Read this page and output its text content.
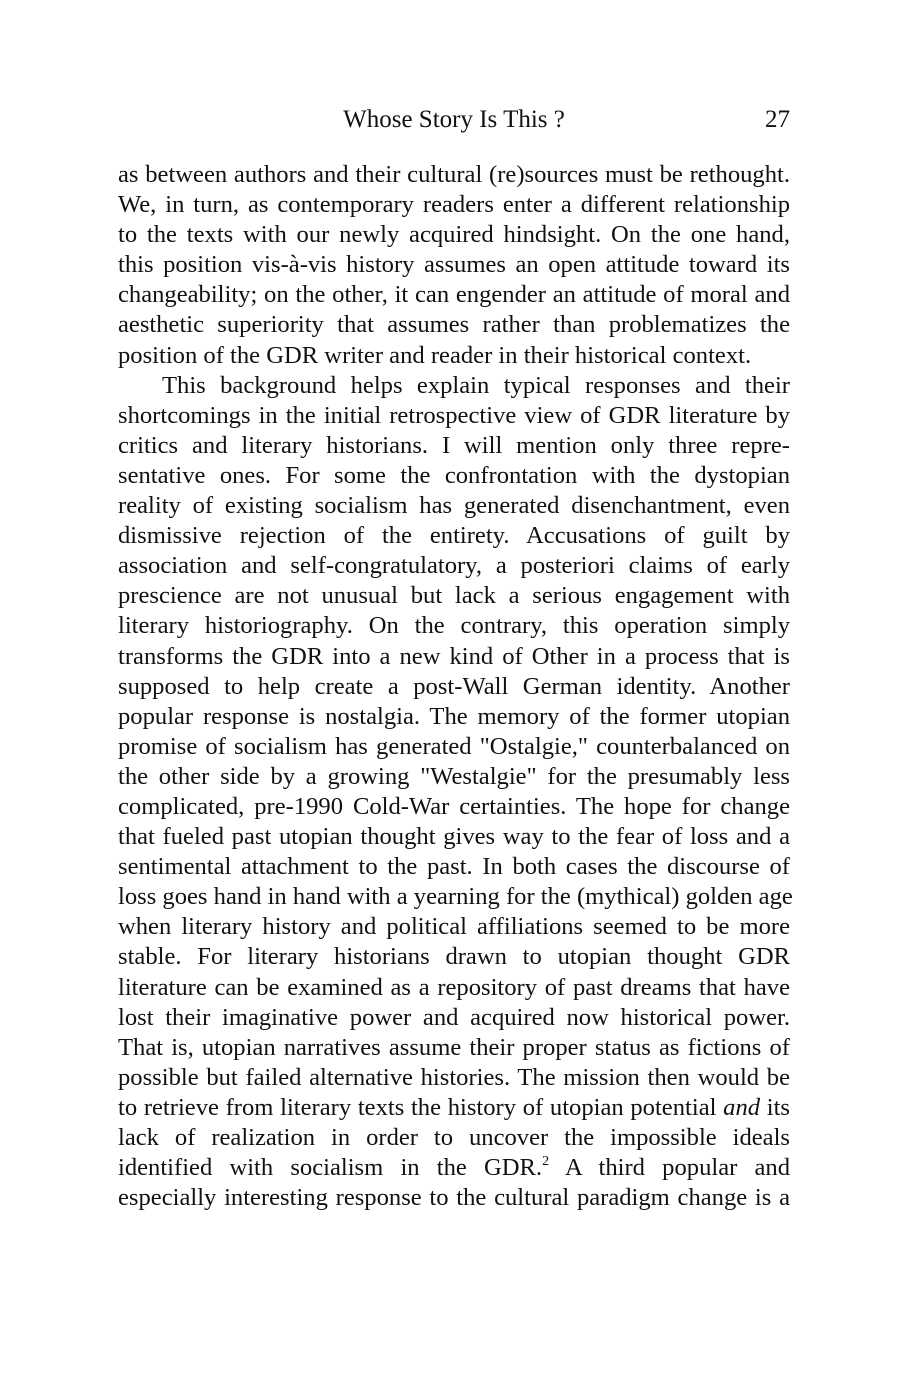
Whose Story Is This ?	27
as between authors and their cultural (re)sources must be rethought.
We, in turn, as contemporary readers enter a different relationship
to the texts with our newly acquired hindsight. On the one hand,
this position vis-à-vis history assumes an open attitude toward its
changeability; on the other, it can engender an attitude of moral and
aesthetic superiority that assumes rather than problematizes the
position of the GDR writer and reader in their historical context.
This background helps explain typical responses and their
shortcomings in the initial retrospective view of GDR literature by
critics and literary historians. I will mention only three repre-
sentative ones. For some the confrontation with the dystopian
reality of existing socialism has generated disenchantment, even
dismissive rejection of the entirety. Accusations of guilt by
association and self-congratulatory, a posteriori claims of early
prescience are not unusual but lack a serious engagement with
literary historiography. On the contrary, this operation simply
transforms the GDR into a new kind of Other in a process that is
supposed to help create a post-Wall German identity. Another
popular response is nostalgia. The memory of the former utopian
promise of socialism has generated "Ostalgie," counterbalanced on
the other side by a growing "Westalgie" for the presumably less
complicated, pre-1990 Cold-War certainties. The hope for change
that fueled past utopian thought gives way to the fear of loss and a
sentimental attachment to the past. In both cases the discourse of
loss goes hand in hand with a yearning for the (mythical) golden age
when literary history and political affiliations seemed to be more
stable. For literary historians drawn to utopian thought GDR
literature can be examined as a repository of past dreams that have
lost their imaginative power and acquired now historical power.
That is, utopian narratives assume their proper status as fictions of
possible but failed alternative histories. The mission then would be
to retrieve from literary texts the history of utopian potential and its
lack of realization in order to uncover the impossible ideals
identified with socialism in the GDR.$^2$ A third popular and
especially interesting response to the cultural paradigm change is a
